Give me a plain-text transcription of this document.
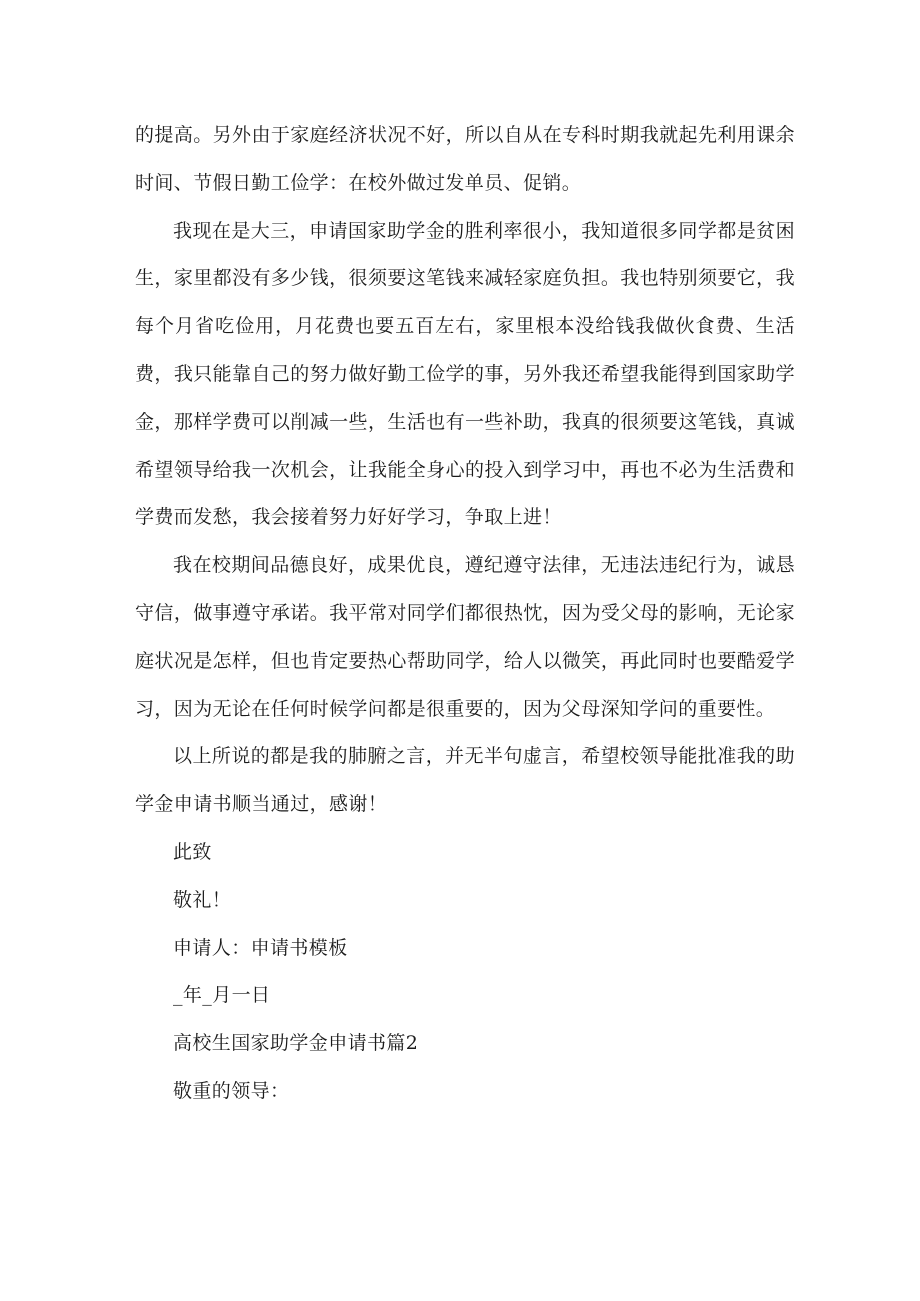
的提高。另外由于家庭经济状况不好，所以自从在专科时期我就起先利用课余时间、节假日勤工俭学：在校外做过发单员、促销。

我现在是大三，申请国家助学金的胜利率很小，我知道很多同学都是贫困生，家里都没有多少钱，很须要这笔钱来减轻家庭负担。我也特别须要它，我每个月省吃俭用，月花费也要五百左右，家里根本没给钱我做伙食费、生活费，我只能靠自己的努力做好勤工俭学的事，另外我还希望我能得到国家助学金，那样学费可以削减一些，生活也有一些补助，我真的很须要这笔钱，真诚希望领导给我一次机会，让我能全身心的投入到学习中，再也不必为生活费和学费而发愁，我会接着努力好好学习，争取上进！

我在校期间品德良好，成果优良，遵纪遵守法律，无违法违纪行为，诚恳守信，做事遵守承诺。我平常对同学们都很热忱，因为受父母的影响，无论家庭状况是怎样，但也肯定要热心帮助同学，给人以微笑，再此同时也要酷爱学习，因为无论在任何时候学问都是很重要的，因为父母深知学问的重要性。

以上所说的都是我的肺腑之言，并无半句虚言，希望校领导能批准我的助学金申请书顺当通过，感谢！

此致

敬礼！

申请人：申请书模板

_年_月一日

高校生国家助学金申请书篇2

敬重的领导：
